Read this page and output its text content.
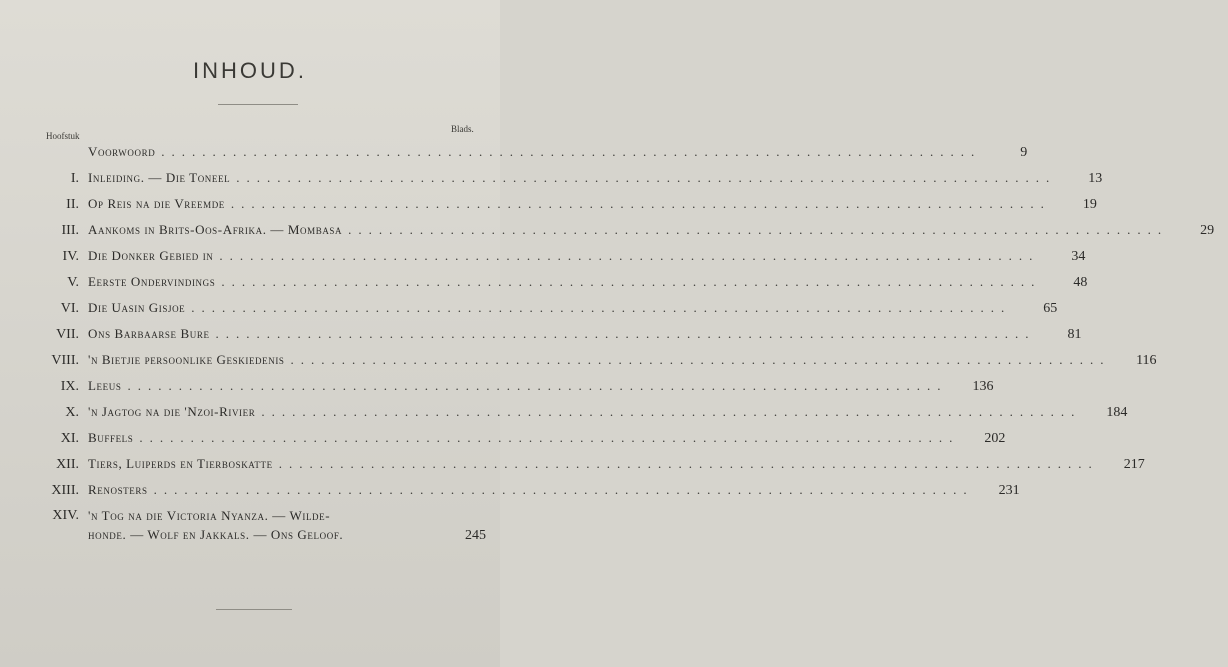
INHOUD.
Hoofstuk
Blads.
Voorwoord ................................................................................	9
I. Inleiding. — Die Toneel ................................................................................	13
II. Op Reis na die Vreemde ................................................................................	19
III. Aankoms in Brits-Oos-Afrika. — Mombasa ................................................................................	29
IV. Die Donker Gebied in ................................................................................	34
V. Eerste Ondervindings ................................................................................	48
VI. Die Uasin Gisjoe ................................................................................	65
VII. Ons Barbaarse Bure ................................................................................	81
VIII. 'n Bietjie persoonlike Geskiedenis ................................................................................	116
IX. Leeus ................................................................................	136
X. 'n Jagtog na die 'Nzoi-Rivier ................................................................................	184
XI. Buffels ................................................................................	202
XII. Tiers, Luiperds en Tierboskatte ................................................................................	217
XIII. Renosters ................................................................................	231
XIV. 'n Tog na die Victoria Nyanza. — Wilde-
honde. — Wolf en Jakkals. — Ons Geloof.	245
